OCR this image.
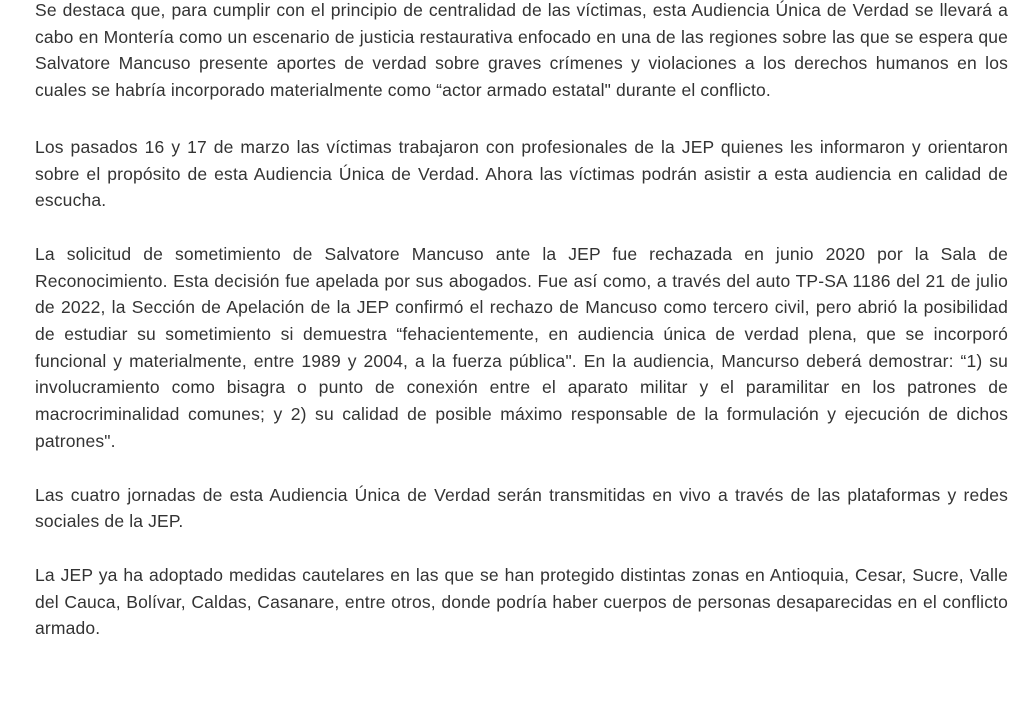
Se destaca que, para cumplir con el principio de centralidad de las víctimas, esta Audiencia Única de Verdad se llevará a cabo en Montería como un escenario de justicia restaurativa enfocado en una de las regiones sobre las que se espera que Salvatore Mancuso presente aportes de verdad sobre graves crímenes y violaciones a los derechos humanos en los cuales se habría incorporado materialmente como “actor armado estatal" durante el conflicto.

Los pasados 16 y 17 de marzo las víctimas trabajaron con profesionales de la JEP quienes les informaron y orientaron sobre el propósito de esta Audiencia Única de Verdad. Ahora las víctimas podrán asistir a esta audiencia en calidad de escucha.

La solicitud de sometimiento de Salvatore Mancuso ante la JEP fue rechazada en junio 2020 por la Sala de Reconocimiento. Esta decisión fue apelada por sus abogados. Fue así como, a través del auto TP-SA 1186 del 21 de julio de 2022, la Sección de Apelación de la JEP confirmó el rechazo de Mancuso como tercero civil, pero abrió la posibilidad de estudiar su sometimiento si demuestra “fehacientemente, en audiencia única de verdad plena, que se incorporó funcional y materialmente, entre 1989 y 2004, a la fuerza pública". En la audiencia, Mancurso deberá demostrar: “1) su involucramiento como bisagra o punto de conexión entre el aparato militar y el paramilitar en los patrones de macrocriminalidad comunes; y 2) su calidad de posible máximo responsable de la formulación y ejecución de dichos patrones".

Las cuatro jornadas de esta Audiencia Única de Verdad serán transmitidas en vivo a través de las plataformas y redes sociales de la JEP.

La JEP ya ha adoptado medidas cautelares en las que se han protegido distintas zonas en Antioquia, Cesar, Sucre, Valle del Cauca, Bolívar, Caldas, Casanare, entre otros, donde podría haber cuerpos de personas desaparecidas en el conflicto armado.
